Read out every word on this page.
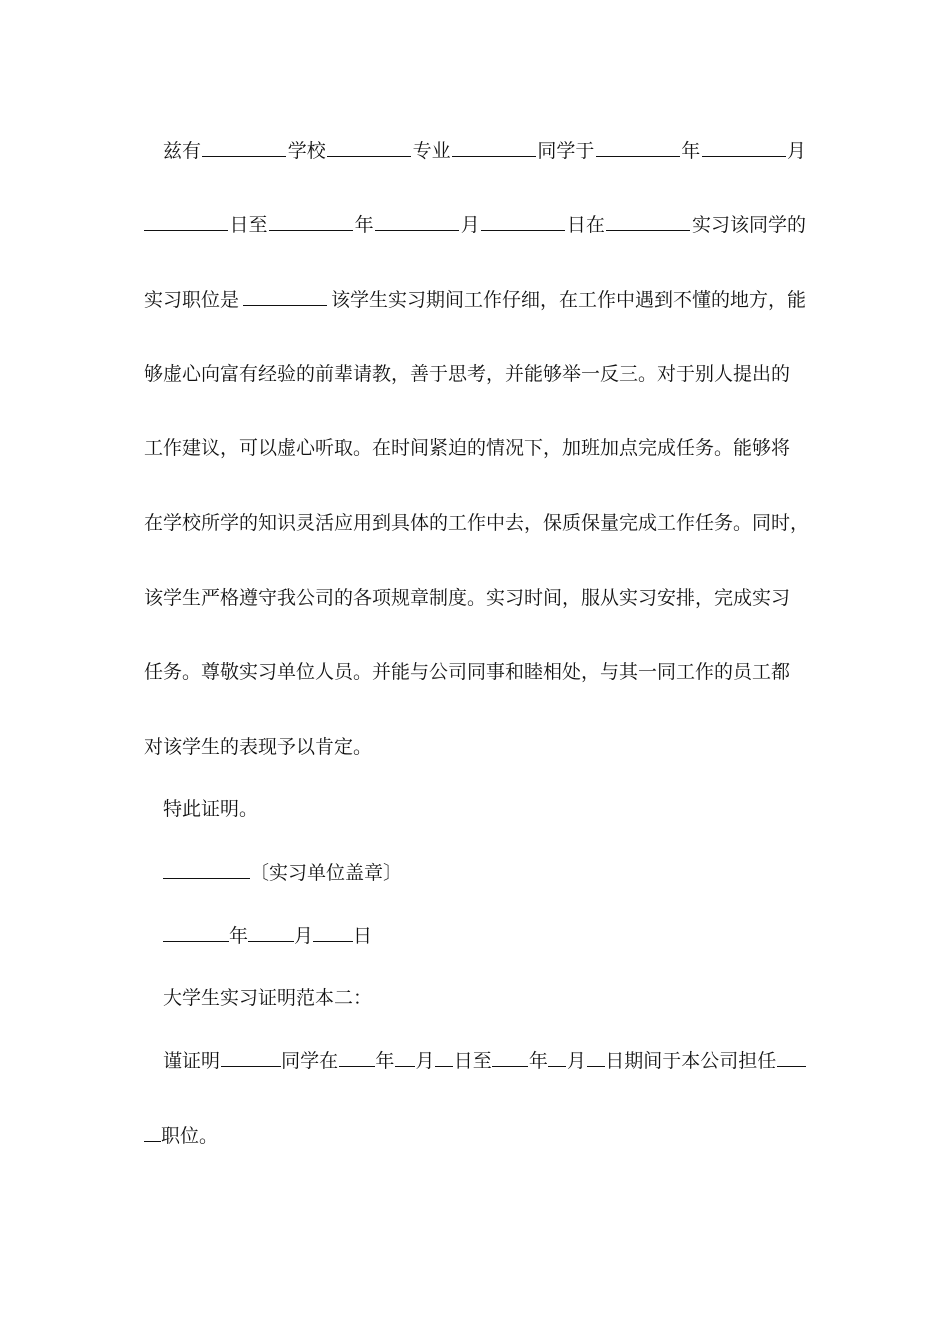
兹有	学校	专业	同学于	年	月
日至	年	月	日在	实习该同学的
实习职位是	该学生实习期间工作仔细，在工作中遇到不懂的地方，能
够虚心向富有经验的前辈请教，善于思考，并能够举一反三。对于别人提出的
工作建议，可以虚心听取。在时间紧迫的情况下，加班加点完成任务。能够将
在学校所学的知识灵活应用到具体的工作中去，保质保量完成工作任务。同时，
该学生严格遵守我公司的各项规章制度。实习时间，服从实习安排，完成实习
任务。尊敬实习单位人员。并能与公司同事和睦相处，与其一同工作的员工都
对该学生的表现予以肯定。
特此证明。
〔实习单位盖章〕
年 月 日
大学生实习证明范本二：
谨证明	同学在 年 月 日至 年 月 日期间于本公司担任
职位。
